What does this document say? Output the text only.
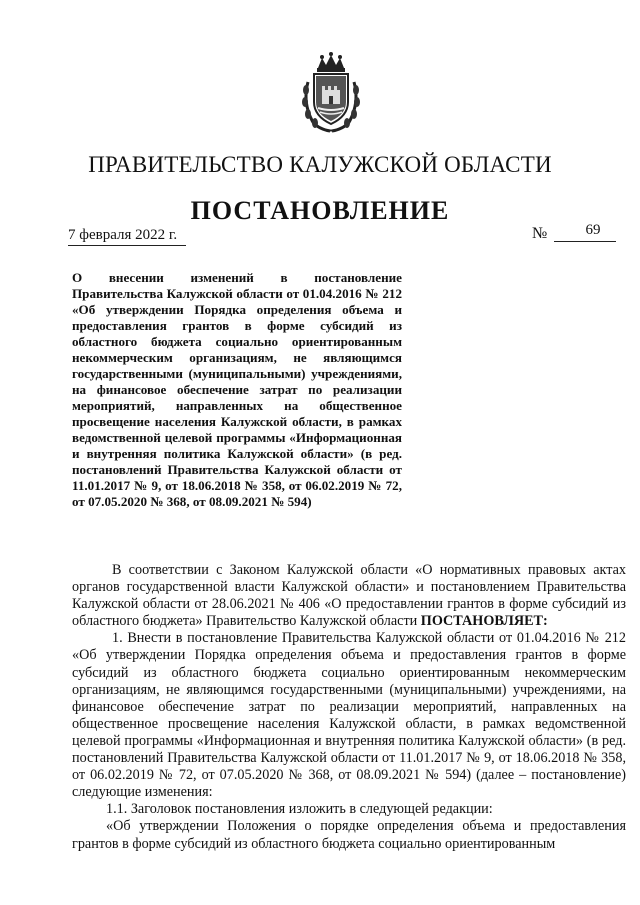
ПРАВИТЕЛЬСТВО КАЛУЖСКОЙ ОБЛАСТИ
ПОСТАНОВЛЕНИЕ
7 февраля 2022 г.	№	69
О внесении изменений в постановление Правительства Калужской области от 01.04.2016 № 212 «Об утверждении Порядка определения объема и предоставления грантов в форме субсидий из областного бюджета социально ориентированным некоммерческим организациям, не являющимся государственными (муниципальными) учреждениями, на финансовое обеспечение затрат по реализации мероприятий, направленных на общественное просвещение населения Калужской области, в рамках ведомственной целевой программы «Информационная и внутренняя политика Калужской области» (в ред. постановлений Правительства Калужской области от 11.01.2017 № 9, от 18.06.2018 № 358, от 06.02.2019 № 72, от 07.05.2020 № 368, от 08.09.2021 № 594)

В соответствии с Законом Калужской области «О нормативных правовых актах органов государственной власти Калужской области» и постановлением Правительства Калужской области от 28.06.2021 № 406 «О предоставлении грантов в форме субсидий из областного бюджета» Правительство Калужской области ПОСТАНОВЛЯЕТ:

1. Внести в постановление Правительства Калужской области от 01.04.2016 № 212 «Об утверждении Порядка определения объема и предоставления грантов в форме субсидий из областного бюджета социально ориентированным некоммерческим организациям, не являющимся государственными (муниципальными) учреждениями, на финансовое обеспечение затрат по реализации мероприятий, направленных на общественное просвещение населения Калужской области, в рамках ведомственной целевой программы «Информационная и внутренняя политика Калужской области» (в ред. постановлений Правительства Калужской области от 11.01.2017 № 9, от 18.06.2018 № 358, от 06.02.2019 № 72, от 07.05.2020 № 368, от 08.09.2021 № 594) (далее – постановление) следующие изменения:

1.1. Заголовок постановления изложить в следующей редакции:

«Об утверждении Положения о порядке определения объема и предоставления грантов в форме субсидий из областного бюджета социально ориентированным
